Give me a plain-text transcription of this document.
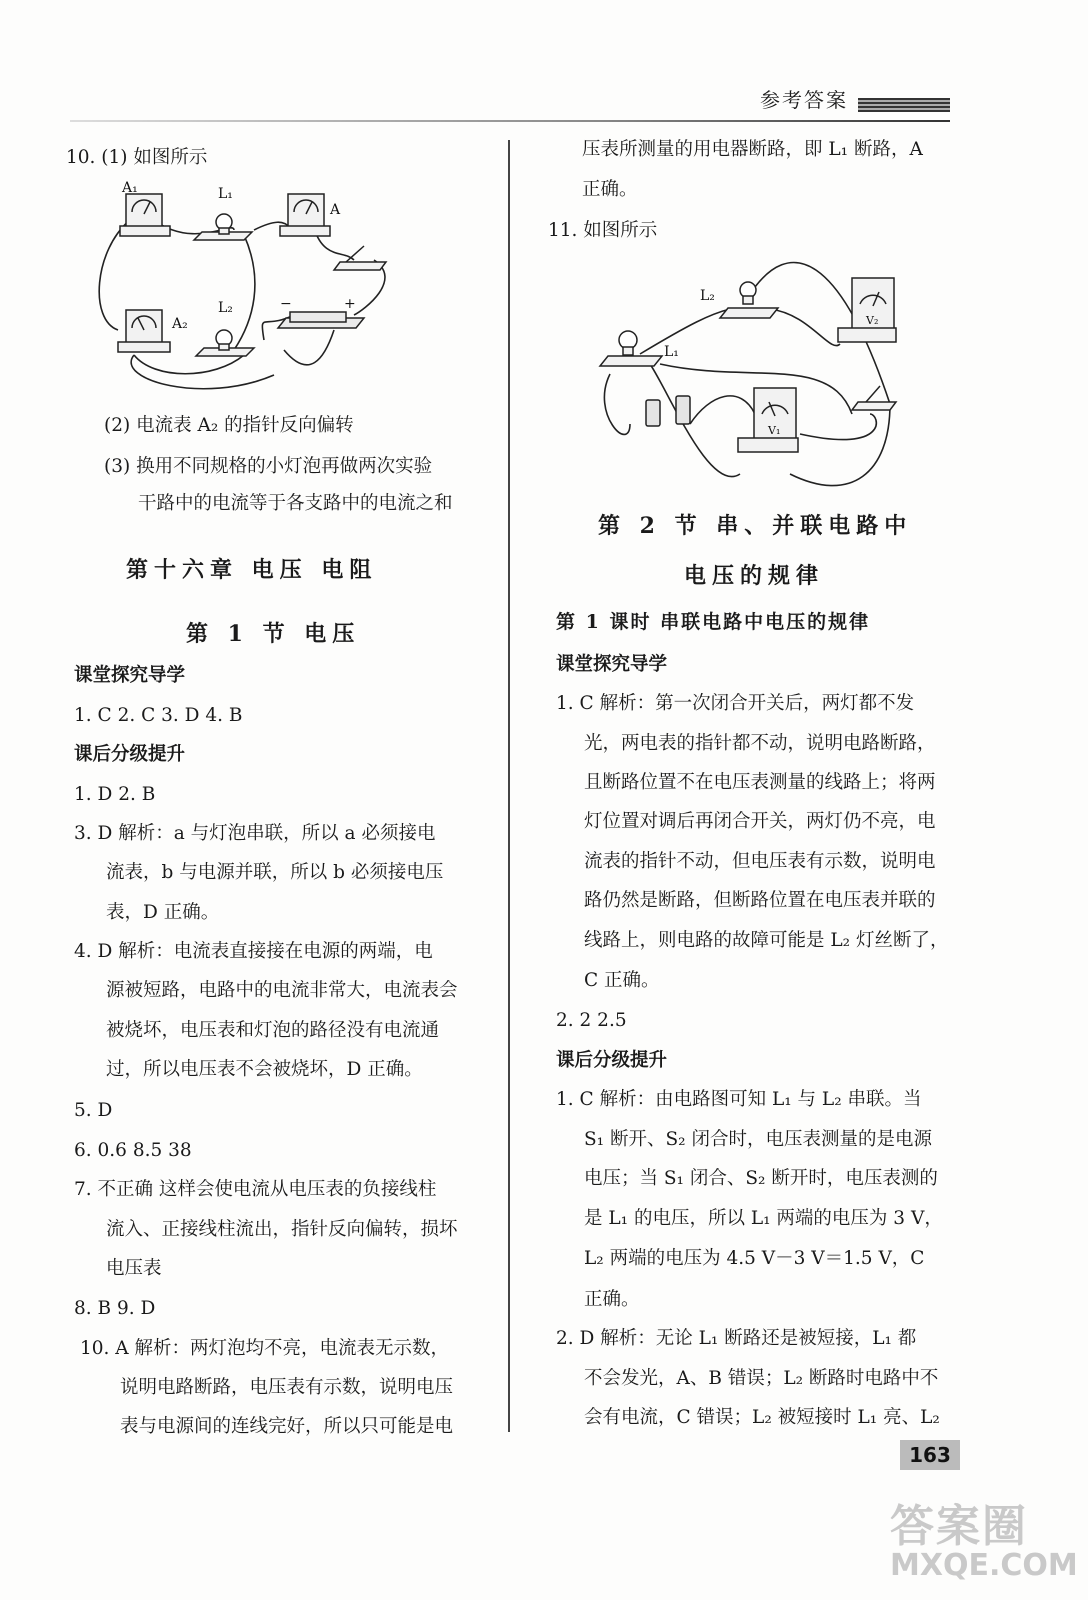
参考答案
10. (1) 如图所示
A₁	L₁
A
L₂
A₂
−	+
(2) 电流表 A₂ 的指针反向偏转
(3) 换用不同规格的小灯泡再做两次实验
干路中的电流等于各支路中的电流之和
第十六章 电压 电阻
第 1 节 电压
课堂探究导学
1. C 2. C 3. D 4. B
课后分级提升
1. D 2. B
3. D 解析：a 与灯泡串联，所以 a 必须接电
流表，b 与电源并联，所以 b 必须接电压
表，D 正确。
4. D 解析：电流表直接接在电源的两端，电
源被短路，电路中的电流非常大，电流表会
被烧坏，电压表和灯泡的路径没有电流通
过，所以电压表不会被烧坏，D 正确。
5. D
6. 0.6 8.5 38
7. 不正确 这样会使电流从电压表的负接线柱
流入、正接线柱流出，指针反向偏转，损坏
电压表
8. B 9. D
10. A 解析：两灯泡均不亮，电流表无示数，
说明电路断路，电压表有示数，说明电压
表与电源间的连线完好，所以只可能是电
压表所测量的用电器断路，即 L₁ 断路，A
正确。
11. 如图所示
L₂
L₁
V₂
V₁
第 2 节 串、并联电路中
电压的规律
第 1 课时 串联电路中电压的规律
课堂探究导学
1. C 解析：第一次闭合开关后，两灯都不发
光，两电表的指针都不动，说明电路断路，
且断路位置不在电压表测量的线路上；将两
灯位置对调后再闭合开关，两灯仍不亮，电
流表的指针不动，但电压表有示数，说明电
路仍然是断路，但断路位置在电压表并联的
线路上，则电路的故障可能是 L₂ 灯丝断了，
C 正确。
2. 2 2.5
课后分级提升
1. C 解析：由电路图可知 L₁ 与 L₂ 串联。当
S₁ 断开、S₂ 闭合时，电压表测量的是电源
电压；当 S₁ 闭合、S₂ 断开时，电压表测的
是 L₁ 的电压，所以 L₁ 两端的电压为 3 V，
L₂ 两端的电压为 4.5 V－3 V＝1.5 V，C
正确。
2. D 解析：无论 L₁ 断路还是被短接，L₁ 都
不会发光，A、B 错误；L₂ 断路时电路中不
会有电流，C 错误；L₂ 被短接时 L₁ 亮、L₂
163
答案圈
MXQE.COM
